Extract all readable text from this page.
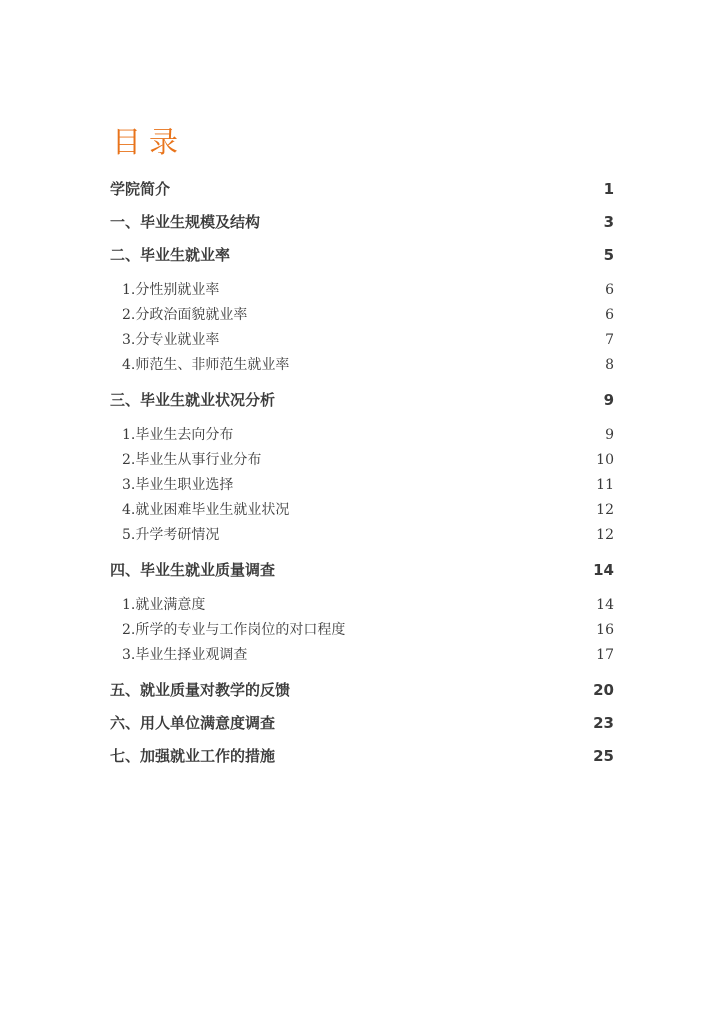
目录
学院简介 .....	1
一、毕业生规模及结构 .....	3
二、毕业生就业率 .....	5
1.分性别就业率 .....	6
2.分政治面貌就业率 .....	6
3.分专业就业率 .....	7
4.师范生、非师范生就业率 .....	8
三、毕业生就业状况分析 .....	9
1.毕业生去向分布 .....	9
2.毕业生从事行业分布 .....	10
3.毕业生职业选择 .....	11
4.就业困难毕业生就业状况 .....	12
5.升学考研情况 .....	12
四、毕业生就业质量调查 .....	14
1.就业满意度 .....	14
2.所学的专业与工作岗位的对口程度 .....	16
3.毕业生择业观调查 .....	17
五、就业质量对教学的反馈 .....	20
六、用人单位满意度调查 .....	23
七、加强就业工作的措施 .....	25
